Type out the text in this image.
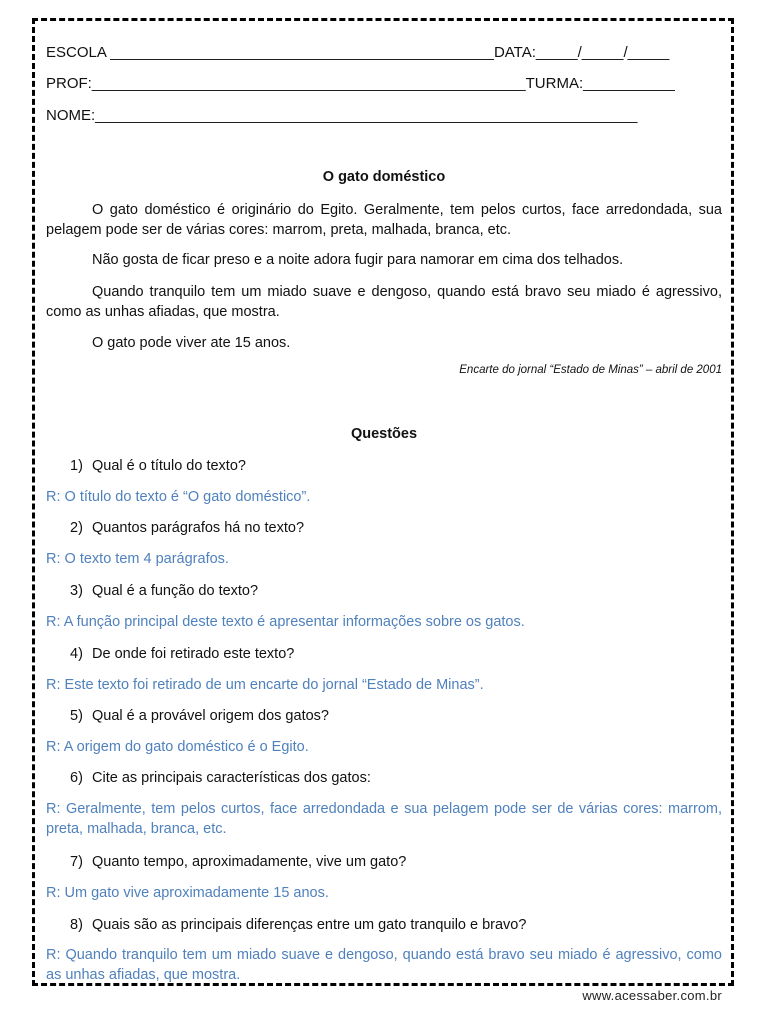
ESCOLA ______________________________________________DATA:_____/_____/_____
PROF:____________________________________________________TURMA:___________
NOME:_________________________________________________________________
O gato doméstico
O gato doméstico é originário do Egito. Geralmente, tem pelos curtos, face arredondada, sua pelagem pode ser de várias cores: marrom, preta, malhada, branca, etc.
Não gosta de ficar preso e a noite adora fugir para namorar em cima dos telhados.
Quando tranquilo tem um miado suave e dengoso, quando está bravo seu miado é agressivo, como as unhas afiadas, que mostra.
O gato pode viver ate 15 anos.
Encarte do jornal “Estado de Minas” – abril de 2001
Questões
1) Qual é o título do texto?
R: O título do texto é “O gato doméstico”.
2) Quantos parágrafos há no texto?
R: O texto tem 4 parágrafos.
3) Qual é a função do texto?
R: A função principal deste texto é apresentar informações sobre os gatos.
4) De onde foi retirado este texto?
R: Este texto foi retirado de um encarte do jornal “Estado de Minas”.
5) Qual é a provável origem dos gatos?
R: A origem do gato doméstico é o Egito.
6) Cite as principais características dos gatos:
R: Geralmente, tem pelos curtos, face arredondada e sua pelagem pode ser de várias cores: marrom, preta, malhada, branca, etc.
7) Quanto tempo, aproximadamente, vive um gato?
R: Um gato vive aproximadamente 15 anos.
8) Quais são as principais diferenças entre um gato tranquilo e bravo?
R: Quando tranquilo tem um miado suave e dengoso, quando está bravo seu miado é agressivo, como as unhas afiadas, que mostra.
www.acessaber.com.br
